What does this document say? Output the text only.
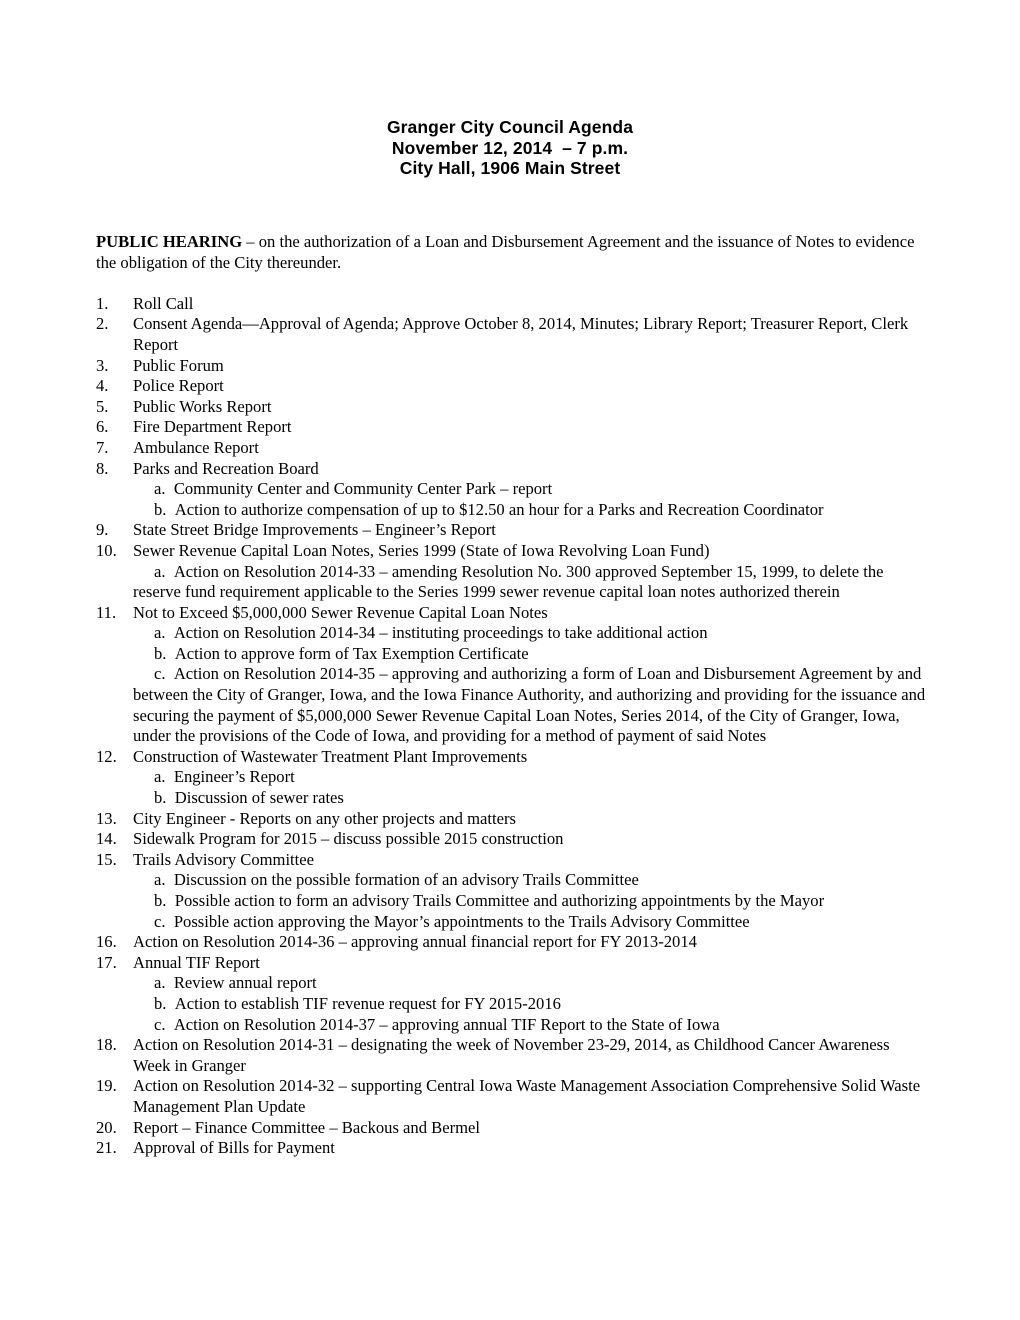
Granger City Council Agenda
November 12, 2014  – 7 p.m.
City Hall, 1906 Main Street

PUBLIC HEARING – on the authorization of a Loan and Disbursement Agreement and the issuance of Notes to evidence the obligation of the City thereunder.

1.	Roll Call
2.	Consent Agenda—Approval of Agenda; Approve October 8, 2014, Minutes; Library Report; Treasurer Report, Clerk Report
3.	Public Forum
4.	Police Report
5.	Public Works Report
6.	Fire Department Report
7.	Ambulance Report
8.	Parks and Recreation Board
a. Community Center and Community Center Park – report
b. Action to authorize compensation of up to $12.50 an hour for a Parks and Recreation Coordinator
9.	State Street Bridge Improvements – Engineer’s Report
10. Sewer Revenue Capital Loan Notes, Series 1999 (State of Iowa Revolving Loan Fund)
a. Action on Resolution 2014-33 – amending Resolution No. 300 approved September 15, 1999, to delete the reserve fund requirement applicable to the Series 1999 sewer revenue capital loan notes authorized therein
11.	Not to Exceed $5,000,000 Sewer Revenue Capital Loan Notes
a. Action on Resolution 2014-34 – instituting proceedings to take additional action
b. Action to approve form of Tax Exemption Certificate
c. Action on Resolution 2014-35 – approving and authorizing a form of Loan and Disbursement Agreement by and between the City of Granger, Iowa, and the Iowa Finance Authority, and authorizing and providing for the issuance and securing the payment of $5,000,000 Sewer Revenue Capital Loan Notes, Series 2014, of the City of Granger, Iowa, under the provisions of the Code of Iowa, and providing for a method of payment of said Notes
12. Construction of Wastewater Treatment Plant Improvements
a. Engineer’s Report
b. Discussion of sewer rates
13. City Engineer - Reports on any other projects and matters
14. Sidewalk Program for 2015 – discuss possible 2015 construction
15. Trails Advisory Committee
a. Discussion on the possible formation of an advisory Trails Committee
b. Possible action to form an advisory Trails Committee and authorizing appointments by the Mayor
c. Possible action approving the Mayor’s appointments to the Trails Advisory Committee
16. Action on Resolution 2014-36 – approving annual financial report for FY 2013-2014
17. Annual TIF Report
a. Review annual report
b. Action to establish TIF revenue request for FY 2015-2016
c. Action on Resolution 2014-37 – approving annual TIF Report to the State of Iowa
18. Action on Resolution 2014-31 – designating the week of November 23-29, 2014, as Childhood Cancer Awareness Week in Granger
19. Action on Resolution 2014-32 – supporting Central Iowa Waste Management Association Comprehensive Solid Waste Management Plan Update
20. Report – Finance Committee – Backous and Bermel
21. Approval of Bills for Payment
